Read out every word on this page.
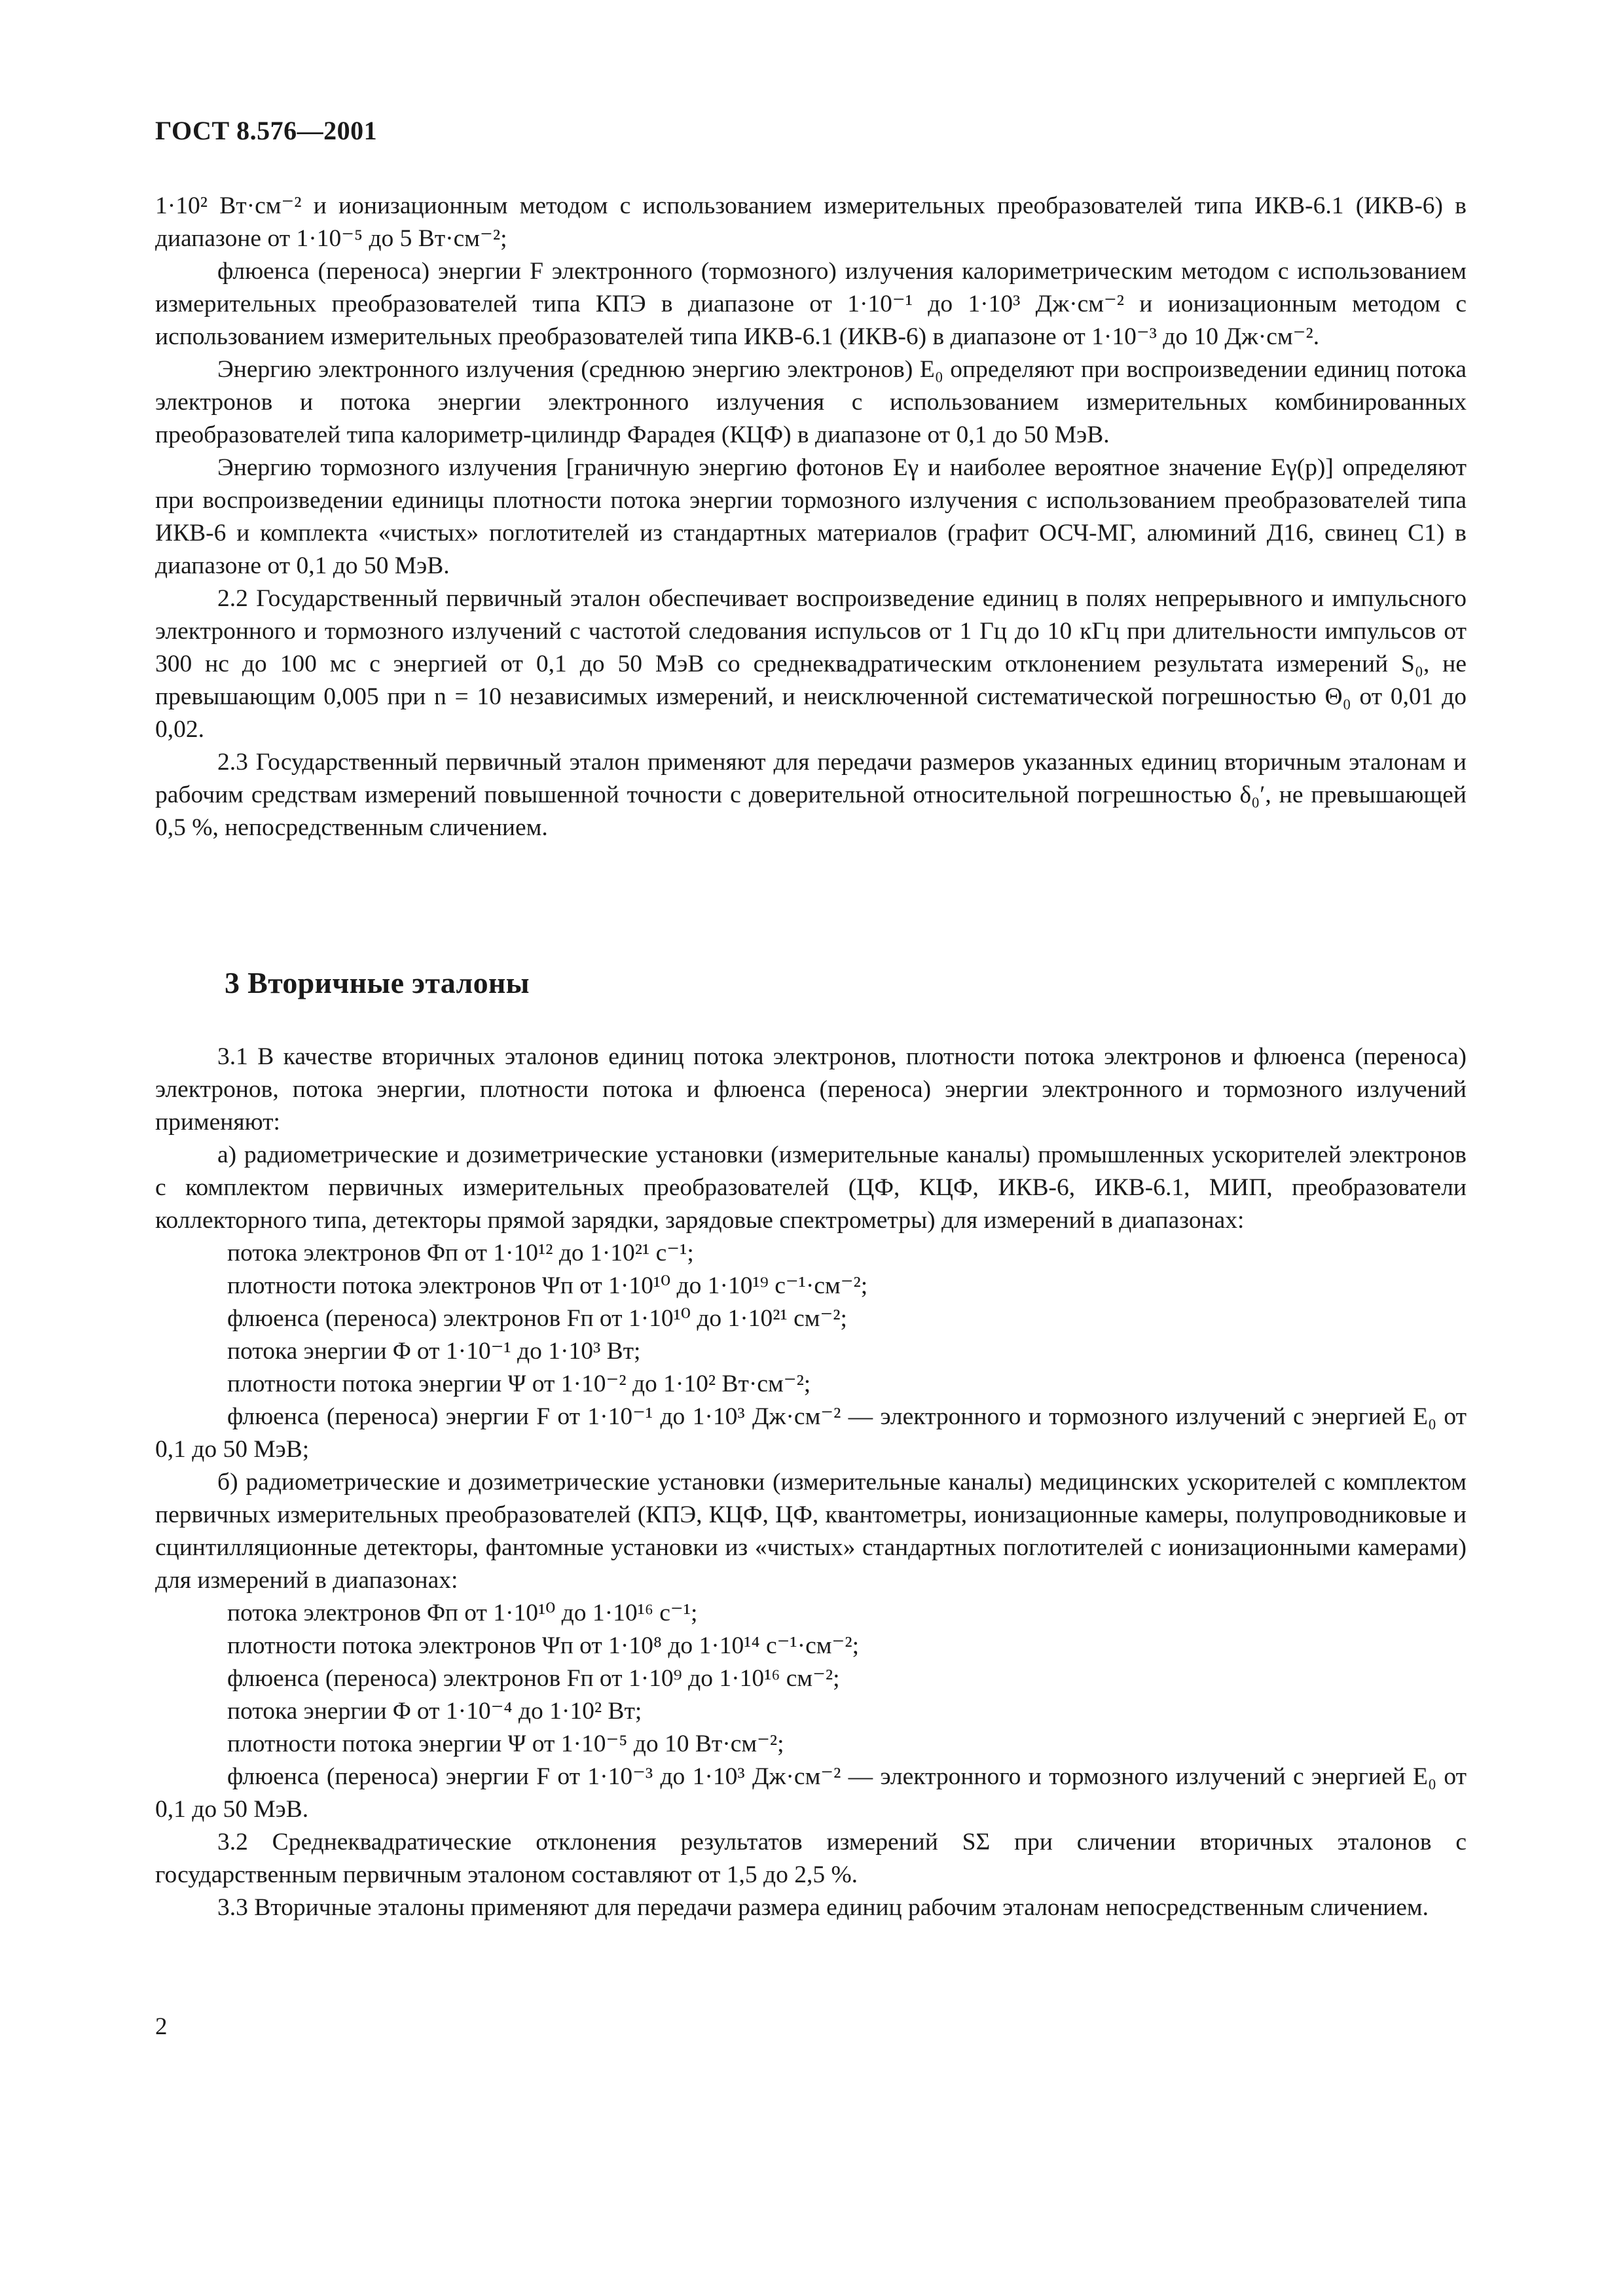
ГОСТ 8.576—2001

1·10² Вт·см⁻² и ионизационным методом с использованием измерительных преобразователей типа ИКВ-6.1 (ИКВ-6) в диапазоне от 1·10⁻⁵ до 5 Вт·см⁻²;

флюенса (переноса) энергии F электронного (тормозного) излучения калориметрическим методом с использованием измерительных преобразователей типа КПЭ в диапазоне от 1·10⁻¹ до 1·10³ Дж·см⁻² и ионизационным методом с использованием измерительных преобразователей типа ИКВ-6.1 (ИКВ-6) в диапазоне от 1·10⁻³ до 10 Дж·см⁻².

Энергию электронного излучения (среднюю энергию электронов) E₀ определяют при воспроизведении единиц потока электронов и потока энергии электронного излучения с использованием измерительных комбинированных преобразователей типа калориметр-цилиндр Фарадея (КЦФ) в диапазоне от 0,1 до 50 МэВ.

Энергию тормозного излучения [граничную энергию фотонов Eγ и наиболее вероятное значение Eγ(p)] определяют при воспроизведении единицы плотности потока энергии тормозного излучения с использованием преобразователей типа ИКВ-6 и комплекта «чистых» поглотителей из стандартных материалов (графит ОСЧ-МГ, алюминий Д16, свинец С1) в диапазоне от 0,1 до 50 МэВ.

2.2 Государственный первичный эталон обеспечивает воспроизведение единиц в полях непрерывного и импульсного электронного и тормозного излучений с частотой следования испульсов от 1 Гц до 10 кГц при длительности импульсов от 300 нс до 100 мс с энергией от 0,1 до 50 МэВ со среднеквадратическим отклонением результата измерений S₀, не превышающим 0,005 при n = 10 независимых измерений, и неисключенной систематической погрешностью Θ₀ от 0,01 до 0,02.

2.3 Государственный первичный эталон применяют для передачи размеров указанных единиц вторичным эталонам и рабочим средствам измерений повышенной точности с доверительной относительной погрешностью δ₀′, не превышающей 0,5 %, непосредственным сличением.

3 Вторичные эталоны

3.1 В качестве вторичных эталонов единиц потока электронов, плотности потока электронов и флюенса (переноса) электронов, потока энергии, плотности потока и флюенса (переноса) энергии электронного и тормозного излучений применяют:

а) радиометрические и дозиметрические установки (измерительные каналы) промышленных ускорителей электронов с комплектом первичных измерительных преобразователей (ЦФ, КЦФ, ИКВ-6, ИКВ-6.1, МИП, преобразователи коллекторного типа, детекторы прямой зарядки, зарядовые спектрометры) для измерений в диапазонах:

потока электронов Φп от 1·10¹² до 1·10²¹ с⁻¹;

плотности потока электронов Ψп от 1·10¹⁰ до 1·10¹⁹ с⁻¹·см⁻²;

флюенса (переноса) электронов Fп от 1·10¹⁰ до 1·10²¹ см⁻²;

потока энергии Φ от 1·10⁻¹ до 1·10³ Вт;

плотности потока энергии Ψ от 1·10⁻² до 1·10² Вт·см⁻²;

флюенса (переноса) энергии F от 1·10⁻¹ до 1·10³ Дж·см⁻² — электронного и тормозного излучений с энергией E₀ от 0,1 до 50 МэВ;

б) радиометрические и дозиметрические установки (измерительные каналы) медицинских ускорителей с комплектом первичных измерительных преобразователей (КПЭ, КЦФ, ЦФ, квантометры, ионизационные камеры, полупроводниковые и сцинтилляционные детекторы, фантомные установки из «чистых» стандартных поглотителей с ионизационными камерами) для измерений в диапазонах:

потока электронов Φп от 1·10¹⁰ до 1·10¹⁶ с⁻¹;

плотности потока электронов Ψп от 1·10⁸ до 1·10¹⁴ с⁻¹·см⁻²;

флюенса (переноса) электронов Fп от 1·10⁹ до 1·10¹⁶ см⁻²;

потока энергии Φ от 1·10⁻⁴ до 1·10² Вт;

плотности потока энергии Ψ от 1·10⁻⁵ до 10 Вт·см⁻²;

флюенса (переноса) энергии F от 1·10⁻³ до 1·10³ Дж·см⁻² — электронного и тормозного излучений с энергией E₀ от 0,1 до 50 МэВ.

3.2 Среднеквадратические отклонения результатов измерений SΣ при сличении вторичных эталонов с государственным первичным эталоном составляют от 1,5 до 2,5 %.

3.3 Вторичные эталоны применяют для передачи размера единиц рабочим эталонам непосредственным сличением.

2
